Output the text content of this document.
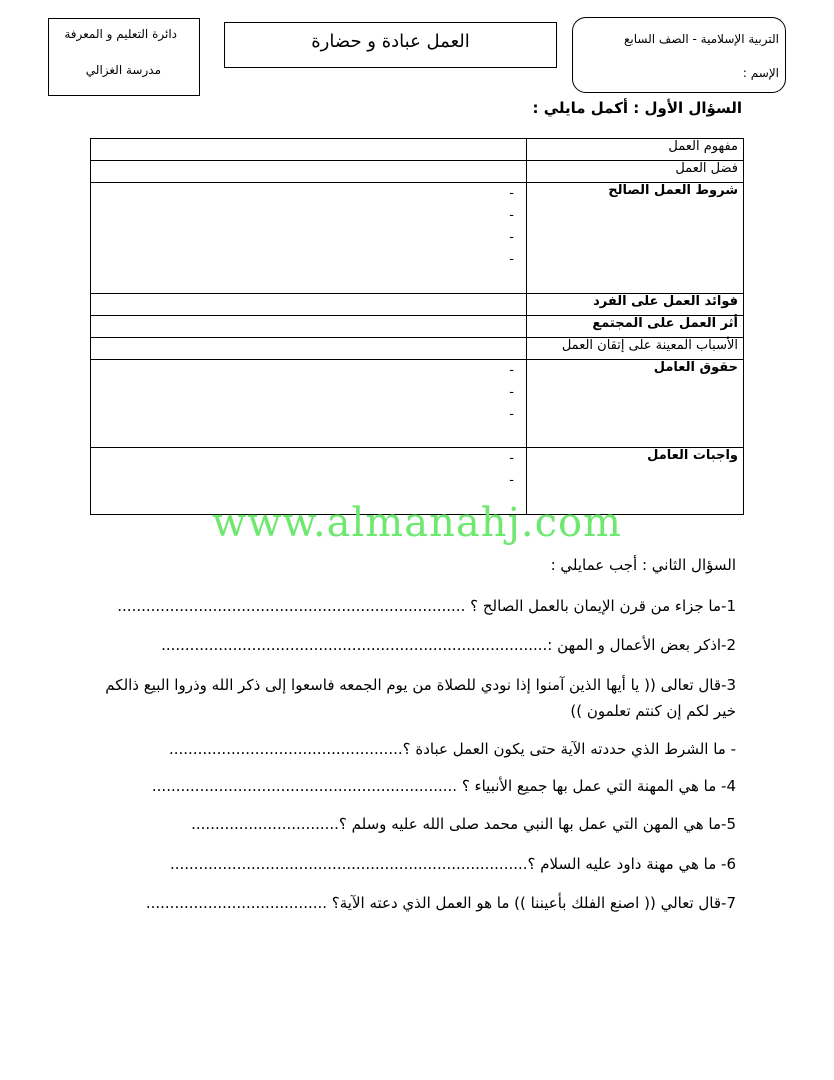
دائرة التعليم و المعرفة
مدرسة الغزالي
العمل عبادة و حضارة	التربية الإسلامية - الصف السابع
الإسم :
السؤال الأول : أكمل مايلي :
مفهوم العمل	
فضل العمل	
شروط العمل الصالح	-
-
-
-

فوائد العمل على الفرد	
أثر العمل على المجتمع	
الأسباب المعينة على إتقان العمل	
حقوق العامل	-
-
-

واجبات العامل	-
-
www.almanahj.com
السؤال الثاني : أجب عمايلي :
1-ما جزاء من قرن الإيمان بالعمل الصالح ؟ .........................................................................
2-اذكر بعض الأعمال و المهن :.................................................................................
3-قال تعالى (( يا أيها الذين آمنوا إذا نودي للصلاة من يوم الجمعه فاسعوا إلى ذكر الله وذروا البيع ذالكم خير لكم إن كنتم تعلمون ))
- ما الشرط الذي حددته الآية حتى يكون العمل عبادة ؟.................................................
4- ما هي المهنة التي عمل بها جميع الأنبياء ؟ ................................................................
5-ما هي المهن التي عمل بها النبي محمد صلى الله عليه وسلم ؟...............................
6- ما هي مهنة داود عليه السلام ؟...........................................................................
7-قال تعالي (( اصنع الفلك بأعيننا )) ما هو العمل الذي دعته الآية؟ ......................................
